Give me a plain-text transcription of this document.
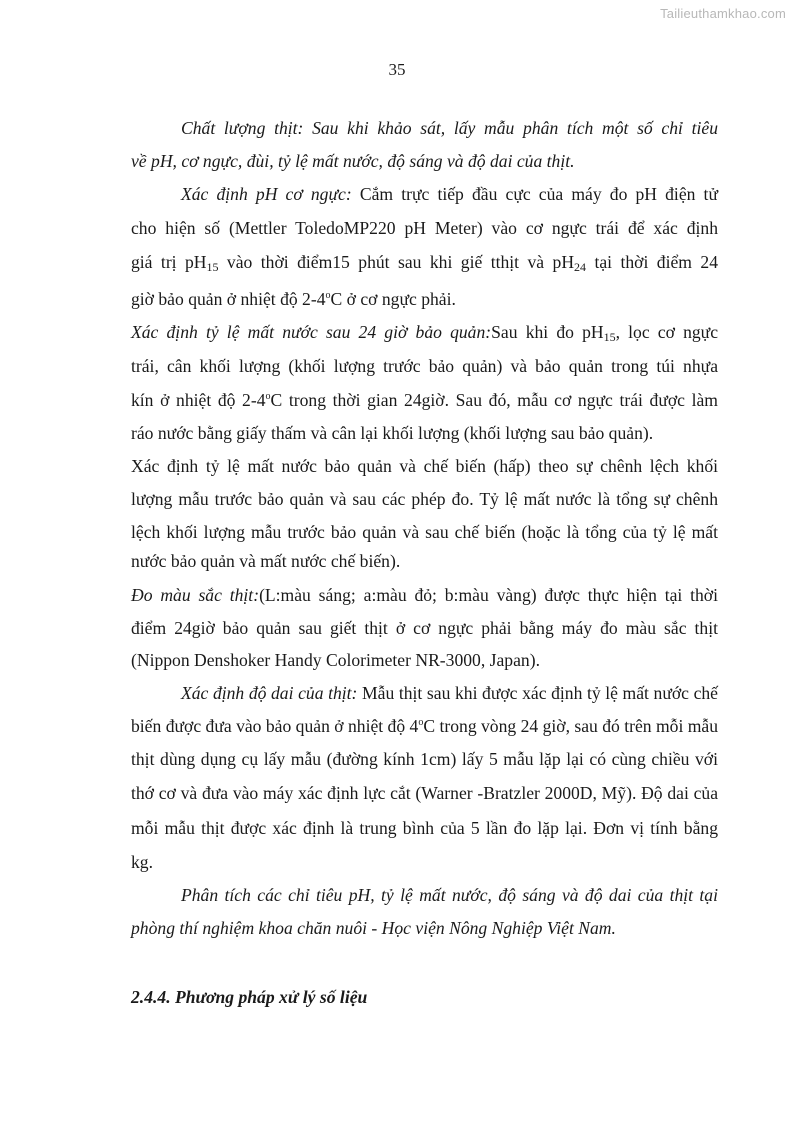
Tailieuthamkhao.com
35
Chất lượng thịt: Sau khi khảo sát, lấy mẫu phân tích một số chỉ tiêu
về pH, cơ ngực, đùi, tỷ lệ mất nước, độ sáng và độ dai của thịt.
Xác định pH cơ ngực: Cắm trực tiếp đầu cực của máy đo pH điện tử
cho hiện số (Mettler ToledoMP220 pH Meter) vào cơ ngực trái để xác định
giá trị $pH_{15}$ vào thời điểm15 phút sau khi giế tthịt và $pH_{24}$ tại thời điểm 24
giờ bảo quản ở nhiệt độ 2-4$^o$C ở cơ ngực phải.
Xác định tỷ lệ mất nước sau 24 giờ bảo quản:Sau khi đo $pH_{15}$, lọc cơ ngực
trái, cân khối lượng (khối lượng trước bảo quản) và bảo quản trong túi nhựa
kín ở nhiệt độ 2-4$^o$C trong thời gian 24giờ. Sau đó, mẫu cơ ngực trái được làm
ráo nước bằng giấy thấm và cân lại khối lượng (khối lượng sau bảo quản).
Xác định tỷ lệ mất nước bảo quản và chế biến (hấp) theo sự chênh lệch khối
lượng mẫu trước bảo quản và sau các phép đo. Tỷ lệ mất nước là tổng sự chênh
lệch khối lượng mẫu trước bảo quản và sau chế biến (hoặc là tổng của tỷ lệ mất
nước bảo quản và mất nước chế biến).
Đo màu sắc thịt:(L:màu sáng; a:màu đỏ; b:màu vàng) được thực hiện tại thời
điểm 24giờ bảo quản sau giết thịt ở cơ ngực phải bằng máy đo màu sắc thịt
(Nippon Denshoker Handy Colorimeter NR-3000, Japan).
Xác định độ dai của thịt: Mẫu thịt sau khi được xác định tỷ lệ mất nước chế
biến được đưa vào bảo quản ở nhiệt độ 4$^o$C trong vòng 24 giờ, sau đó trên mỗi mẫu
thịt dùng dụng cụ lấy mẫu (đường kính 1cm) lấy 5 mẫu lặp lại có cùng chiều với
thớ cơ và đưa vào máy xác định lực cắt (Warner -Bratzler 2000D, Mỹ). Độ dai của
mỗi mẫu thịt được xác định là trung bình của 5 lần đo lặp lại. Đơn vị tính bằng
kg.
Phân tích các chỉ tiêu pH, tỷ lệ mất nước, độ sáng và độ dai của thịt tại
phòng thí nghiệm khoa chăn nuôi - Học viện Nông Nghiệp Việt Nam.
2.4.4. Phương pháp xử lý số liệu
